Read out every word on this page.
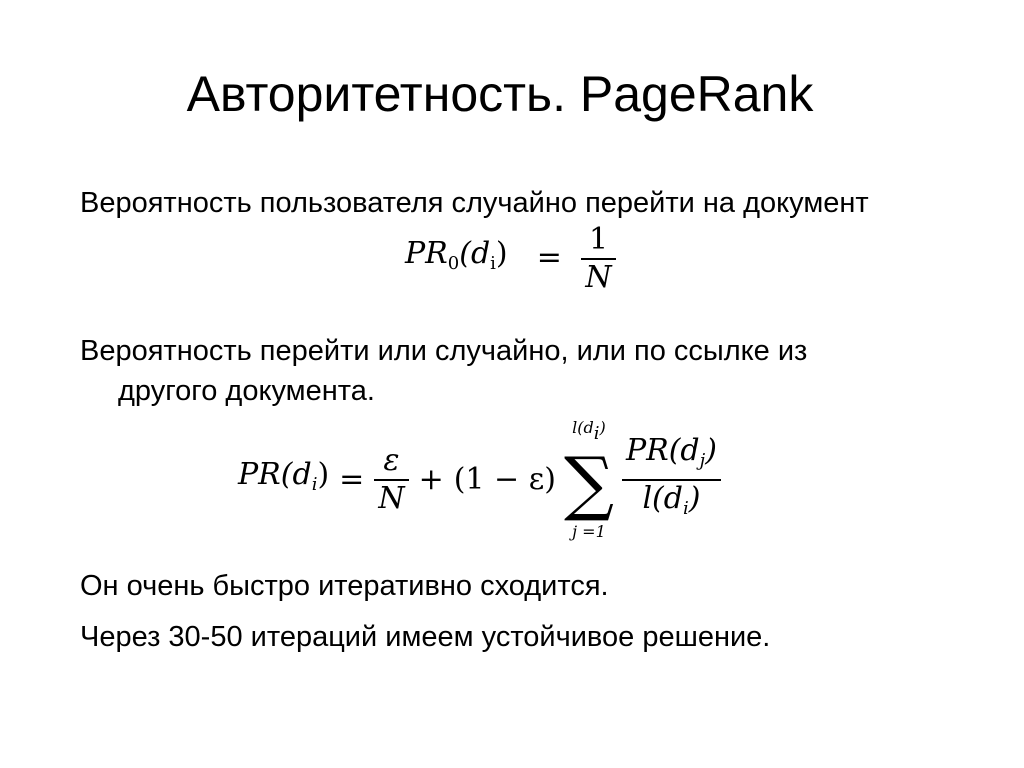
Авторитетность. PageRank
Вероятность пользователя случайно перейти на документ
$PR_0(d_i) = \frac{1}{N}$
Вероятность перейти или случайно, или по ссылке из
другого документа.
$PR(d_i) = \frac{\varepsilon}{N} + (1 - \varepsilon)$
$l(d_i)$
∑
j =1
$\frac{PR(d_j)}{l(d_i)}$
Он очень быстро итеративно сходится.
Через 30-50 итераций имеем устойчивое решение.
